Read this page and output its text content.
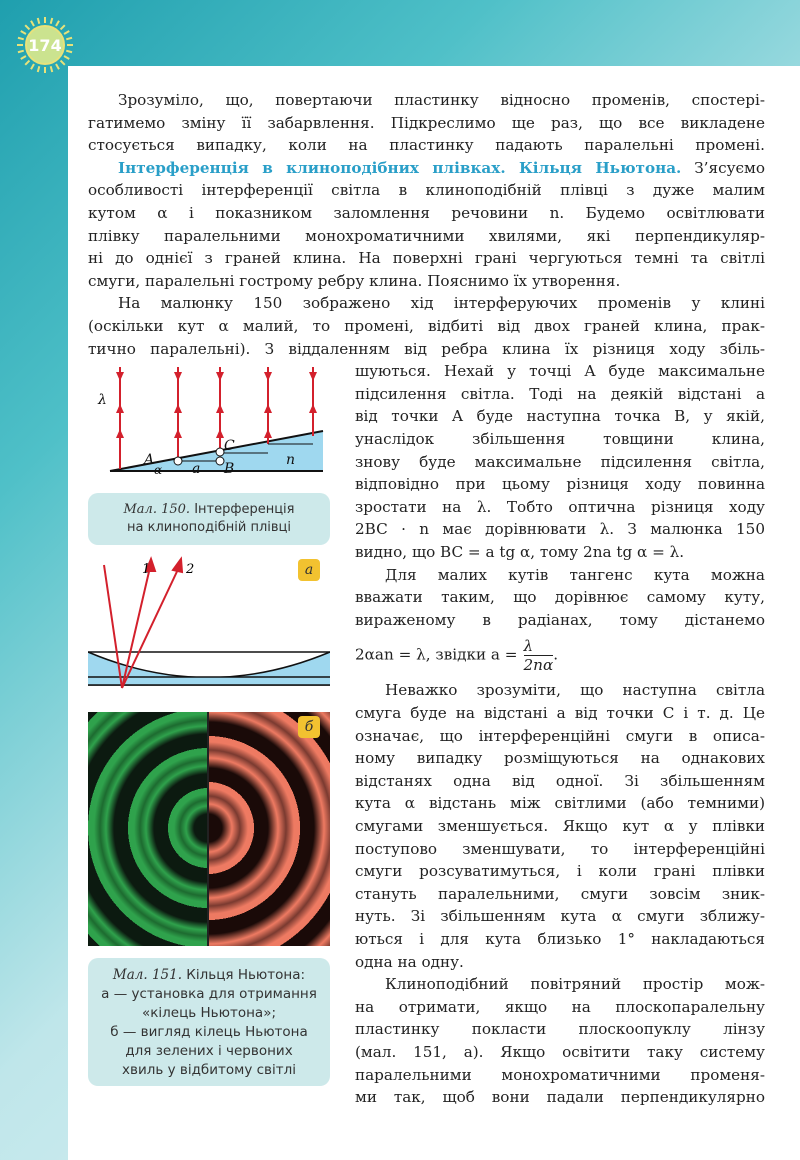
174
Зрозуміло, що, повертаючи пластинку відносно променів, спостері-
гатимемо зміну її забарвлення. Підкреслимо ще раз, що все викладене
стосується випадку, коли на пластинку падають паралельні промені.
Інтерференція в клиноподібних плівках. Кільця Ньютона. З’ясуємо
особливості інтерференції світла в клиноподібній плівці з дуже малим
кутом α і показником заломлення речовини n. Будемо освітлювати
плівку паралельними монохроматичними хвилями, які перпендикуляр-
ні до однієї з граней клина. На поверхні грані чергуються темні та світлі
смуги, паралельні гострому ребру клина. Пояснимо їх утворення.
На малюнку 150 зображено хід інтерферуючих променів у клині
(оскільки кут α малий, то промені, відбиті від двох граней клина, прак-
тично паралельні). З віддаленням від ребра клина їх різниця ходу збіль-
шуються. Нехай у точці A буде максимальне
підсилення світла. Тоді на деякій відстані a
від точки A буде наступна точка B, у якій,
унаслідок збільшення товщини клина,
знову буде максимальне підсилення світла,
відповідно при цьому різниця ходу повинна
зростати на λ. Тобто оптична різниця ходу
2BC · n має дорівнювати λ. З малюнка 150
видно, що BC = a tg α, тому 2na tg α = λ.
Для малих кутів тангенс кута можна
вважати таким, що дорівнює самому куту,
вираженому в радіанах, тому дістанемо
2αan = λ, звідки $a = \frac{\lambda}{2n\alpha}$ .
Неважко зрозуміти, що наступна світла
смуга буде на відстані a від точки C і т. д. Це
означає, що інтерференційні смуги в описа-
ному випадку розміщуються на однакових
відстанях одна від одної. Зі збільшенням
кута α відстань між світлими (або темними)
смугами зменшується. Якщо кут α у плівки
поступово зменшувати, то інтерференційні
смуги розсуватимуться, і коли грані плівки
стануть паралельними, смуги зовсім зник-
нуть. Зі збільшенням кута α смуги зближу-
ються і для кута близько 1° накладаються
одна на одну.
Клиноподібний повітряний простір мож-
на отримати, якщо на плоскопаралельну
пластинку покласти плоскоопуклу лінзу
(мал. 151, a). Якщо освітити таку систему
паралельними монохроматичними променя-
ми так, щоб вони падали перпендикулярно
λ
A
C
B
a
α
n
Мал. 150. Інтерференція
на клиноподібній плівці
1	2	а
б
Мал. 151. Кільця Ньютона:
а — установка для отримання
«кілець Ньютона»;
б — вигляд кілець Ньютона
для зелених і червоних
хвиль у відбитому світлі
